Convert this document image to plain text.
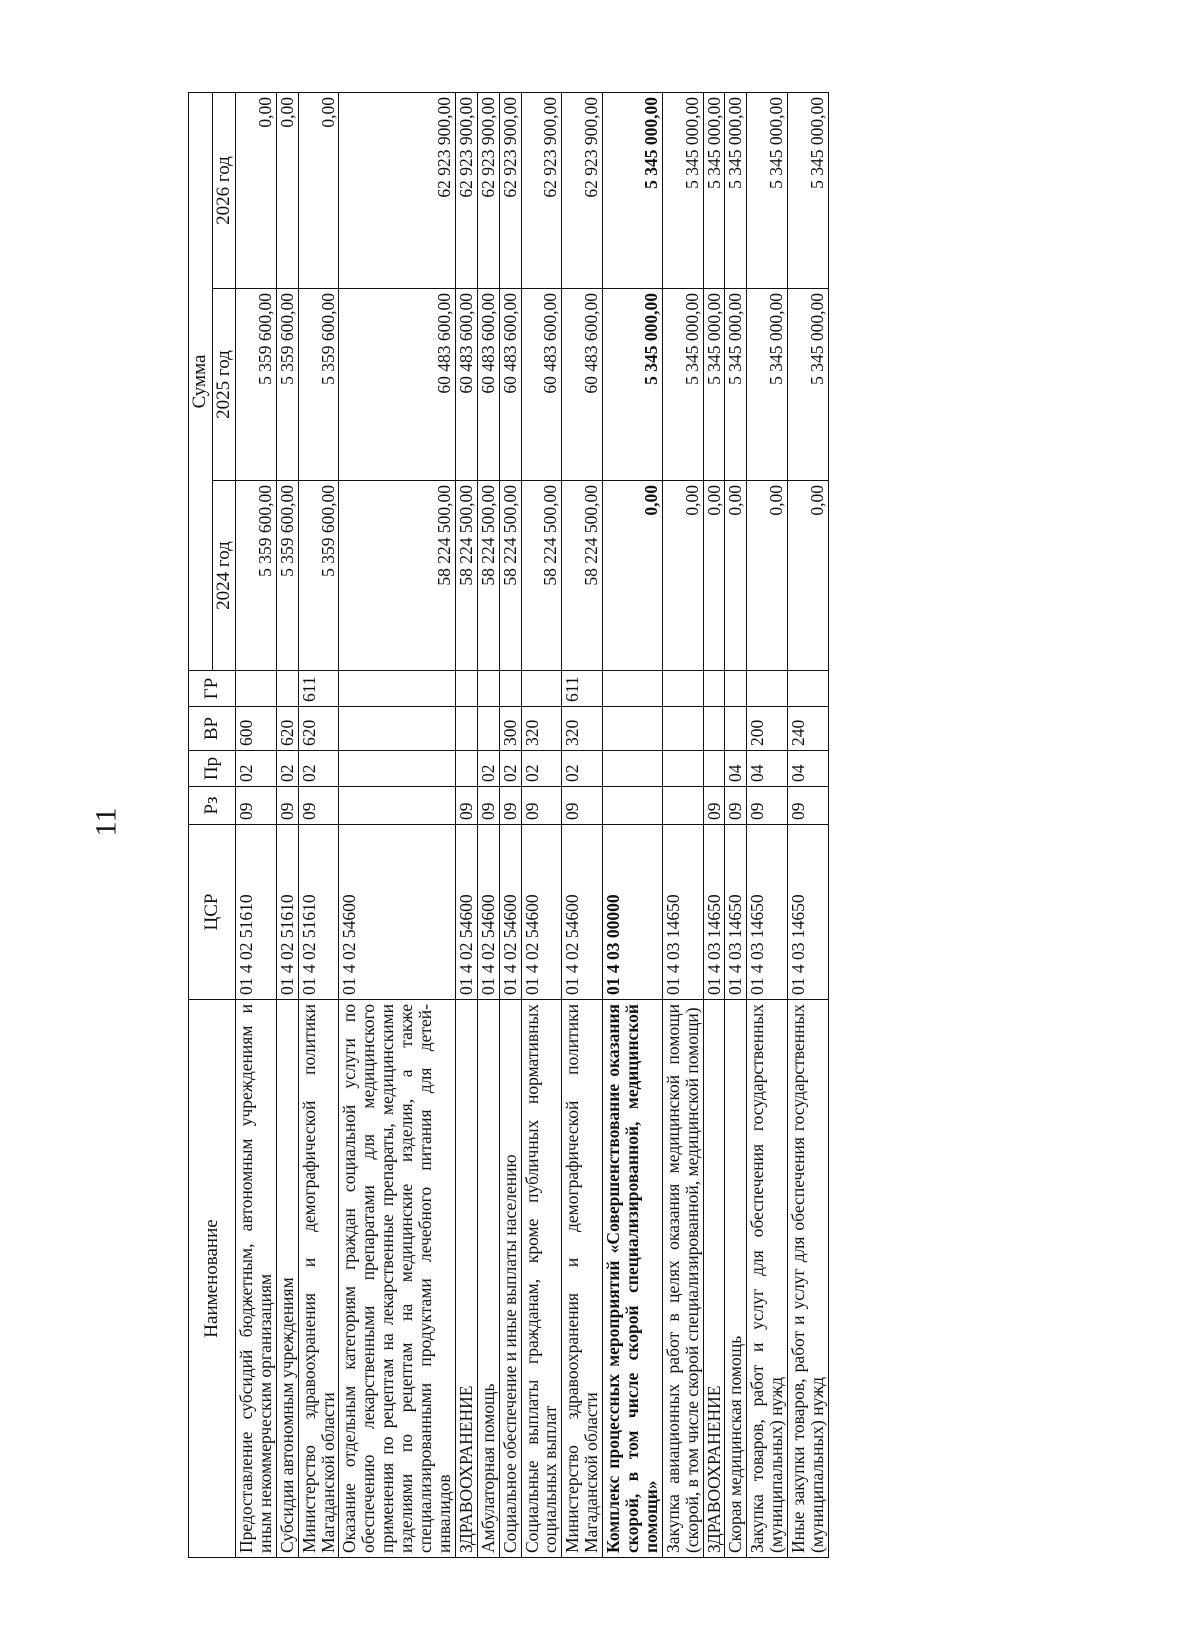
11
Наименование	ЦСР	Рз	Пр	ВР	ГР	Сумма		
						2024 год	2025 год	2026 год
Предоставление субсидий бюджетным, автономным учреждениям и иным некоммерческим организациям	01 4 02 51610	09	02	600		5 359 600,00	5 359 600,00	0,00
Субсидии автономным учреждениям	01 4 02 51610	09	02	620		5 359 600,00	5 359 600,00	0,00
Министерство здравоохранения и демографической политики Магаданской области	01 4 02 51610	09	02	620	611	5 359 600,00	5 359 600,00	0,00
Оказание отдельным категориям граждан социальной услуги по обеспечению лекарственными препаратами для медицинского применения по рецептам на лекарственные препараты, медицинскими изделиями по рецептам на медицинские изделия, а также специализированными продуктами лечебного питания для детей-инвалидов	01 4 02 54600					58 224 500,00	60 483 600,00	62 923 900,00
ЗДРАВООХРАНЕНИЕ	01 4 02 54600	09				58 224 500,00	60 483 600,00	62 923 900,00
Амбулаторная помощь	01 4 02 54600	09	02			58 224 500,00	60 483 600,00	62 923 900,00
Социальное обеспечение и иные выплаты населению	01 4 02 54600	09	02	300		58 224 500,00	60 483 600,00	62 923 900,00
Социальные выплаты гражданам, кроме публичных нормативных социальных выплат	01 4 02 54600	09	02	320		58 224 500,00	60 483 600,00	62 923 900,00
Министерство здравоохранения и демографической политики Магаданской области	01 4 02 54600	09	02	320	611	58 224 500,00	60 483 600,00	62 923 900,00
Комплекс процессных мероприятий «Совершенствование оказания скорой, в том числе скорой специализированной, медицинской помощи»	01 4 03 00000					0,00	5 345 000,00	5 345 000,00
Закупка авиационных работ в целях оказания медицинской помощи (скорой, в том числе скорой специализированной, медицинской помощи)	01 4 03 14650					0,00	5 345 000,00	5 345 000,00
ЗДРАВООХРАНЕНИЕ	01 4 03 14650	09				0,00	5 345 000,00	5 345 000,00
Скорая медицинская помощь	01 4 03 14650	09	04			0,00	5 345 000,00	5 345 000,00
Закупка товаров, работ и услуг для обеспечения государственных (муниципальных) нужд	01 4 03 14650	09	04	200		0,00	5 345 000,00	5 345 000,00
Иные закупки товаров, работ и услуг для обеспечения государственных (муниципальных) нужд	01 4 03 14650	09	04	240		0,00	5 345 000,00	5 345 000,00
